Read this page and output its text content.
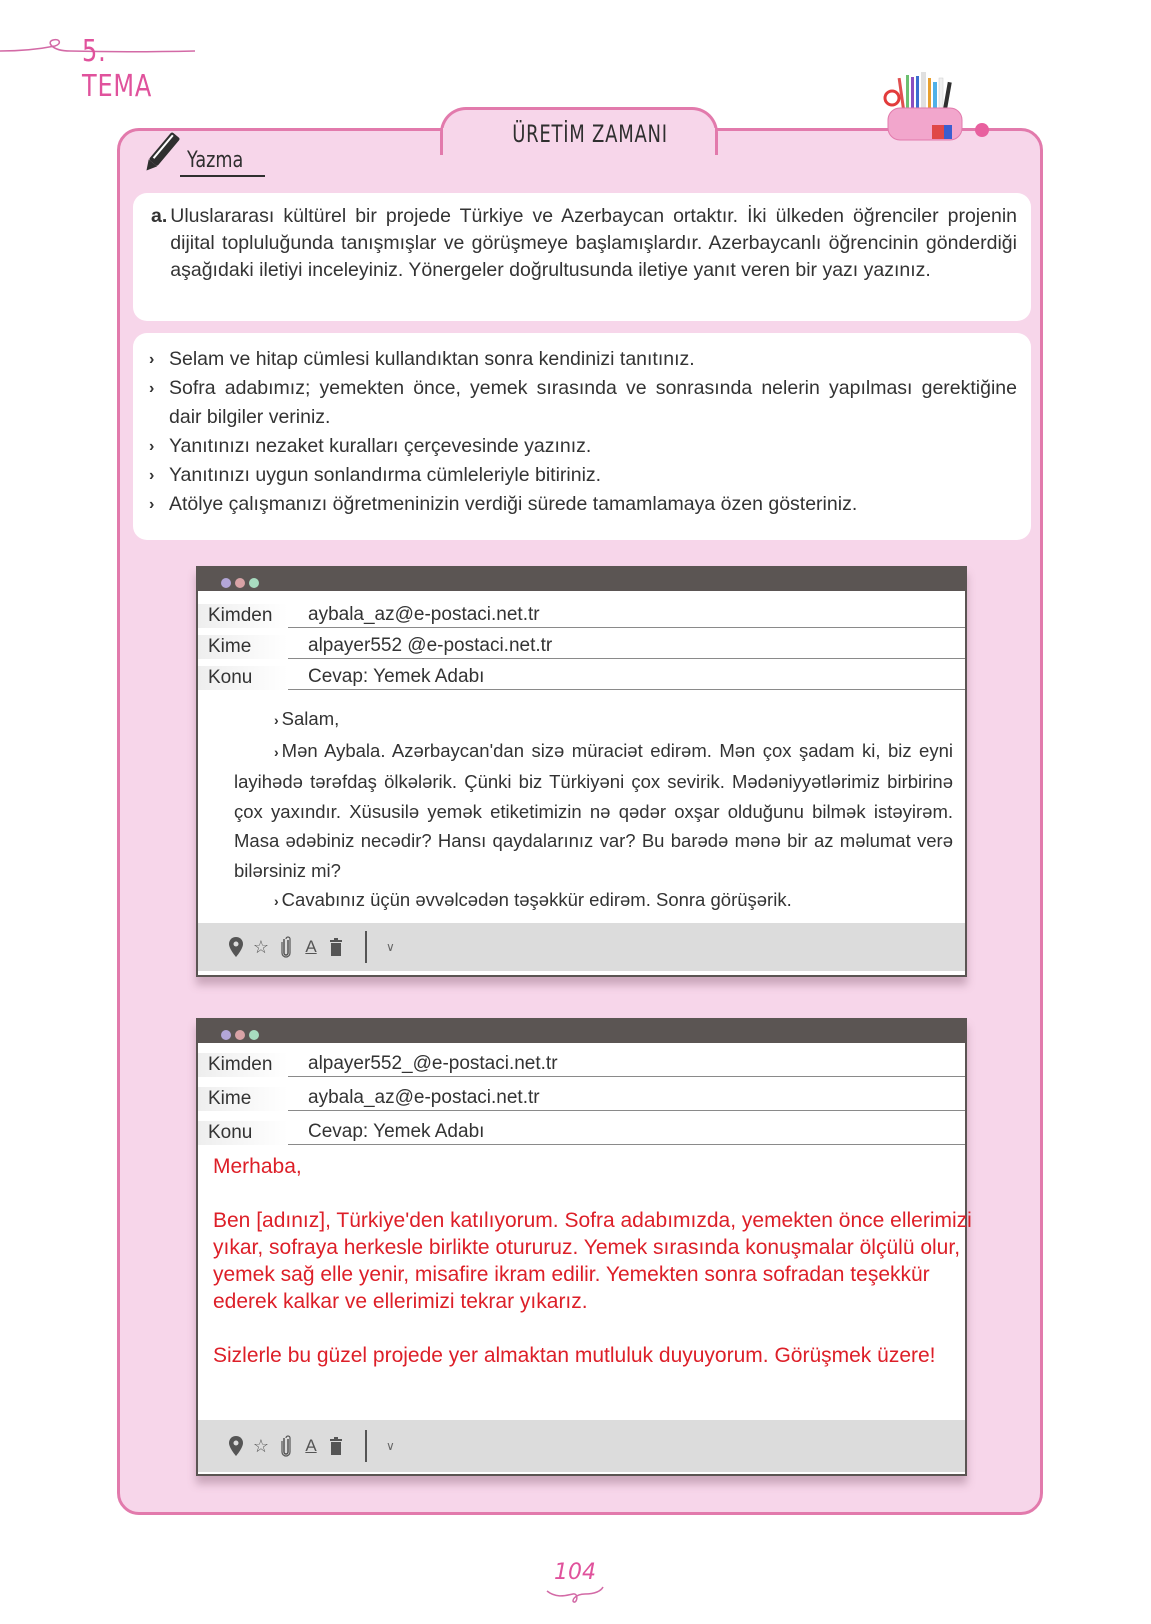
5. TEMA
ÜRETİM ZAMANI
Yazma
a. Uluslararası kültürel bir projede Türkiye ve Azerbaycan ortaktır. İki ülkeden öğrenciler projenin dijital topluluğunda tanışmışlar ve görüşmeye başlamışlardır. Azerbaycanlı öğrencinin gönderdiği aşağıdaki iletiyi inceleyiniz. Yönergeler doğrultusunda iletiye yanıt veren bir yazı yazınız.
› Selam ve hitap cümlesi kullandıktan sonra kendinizi tanıtınız.
› Sofra adabımız; yemekten önce, yemek sırasında ve sonrasında nelerin yapılması gerektiğine dair bilgiler veriniz.
› Yanıtınızı nezaket kuralları çerçevesinde yazınız.
› Yanıtınızı uygun sonlandırma cümleleriyle bitiriniz.
› Atölye çalışmanızı öğretmeninizin verdiği sürede tamamlamaya özen gösteriniz.
Kimden	aybala_az@e-postaci.net.tr
Kime	alpayer552 @e-postaci.net.tr
Konu	Cevap: Yemek Adabı

› Salam,

› Mən Aybala. Azərbaycan'dan sizə müraciət edirəm. Mən çox şadam ki, biz eyni layihədə tərəfdaş ölkələrik. Çünki biz Türkiyəni çox sevirik. Mədəniyyətlərimiz birbirinə çox yaxındır. Xüsusilə yemək etiketimizin nə qədər oxşar olduğunu bilmək istəyirəm. Masa ədəbiniz necədir? Hansı qaydalarınız var? Bu barədə mənə bir az məlumat verə bilərsiniz mi?

› Cavabınız üçün əvvəlcədən təşəkkür edirəm. Sonra görüşərik.

☆ A	∨
Kimden	alpayer552_@e-postaci.net.tr
Kime	aybala_az@e-postaci.net.tr
Konu	Cevap: Yemek Adabı
Merhaba,
Ben [adınız], Türkiye'den katılıyorum. Sofra adabımızda, yemekten önce ellerimizi
yıkar, sofraya herkesle birlikte otururuz. Yemek sırasında konuşmalar ölçülü olur,
yemek sağ elle yenir, misafire ikram edilir. Yemekten sonra sofradan teşekkür
ederek kalkar ve ellerimizi tekrar yıkarız.
Sizlerle bu güzel projede yer almaktan mutluluk duyuyorum. Görüşmek üzere!
☆ A	∨
104
